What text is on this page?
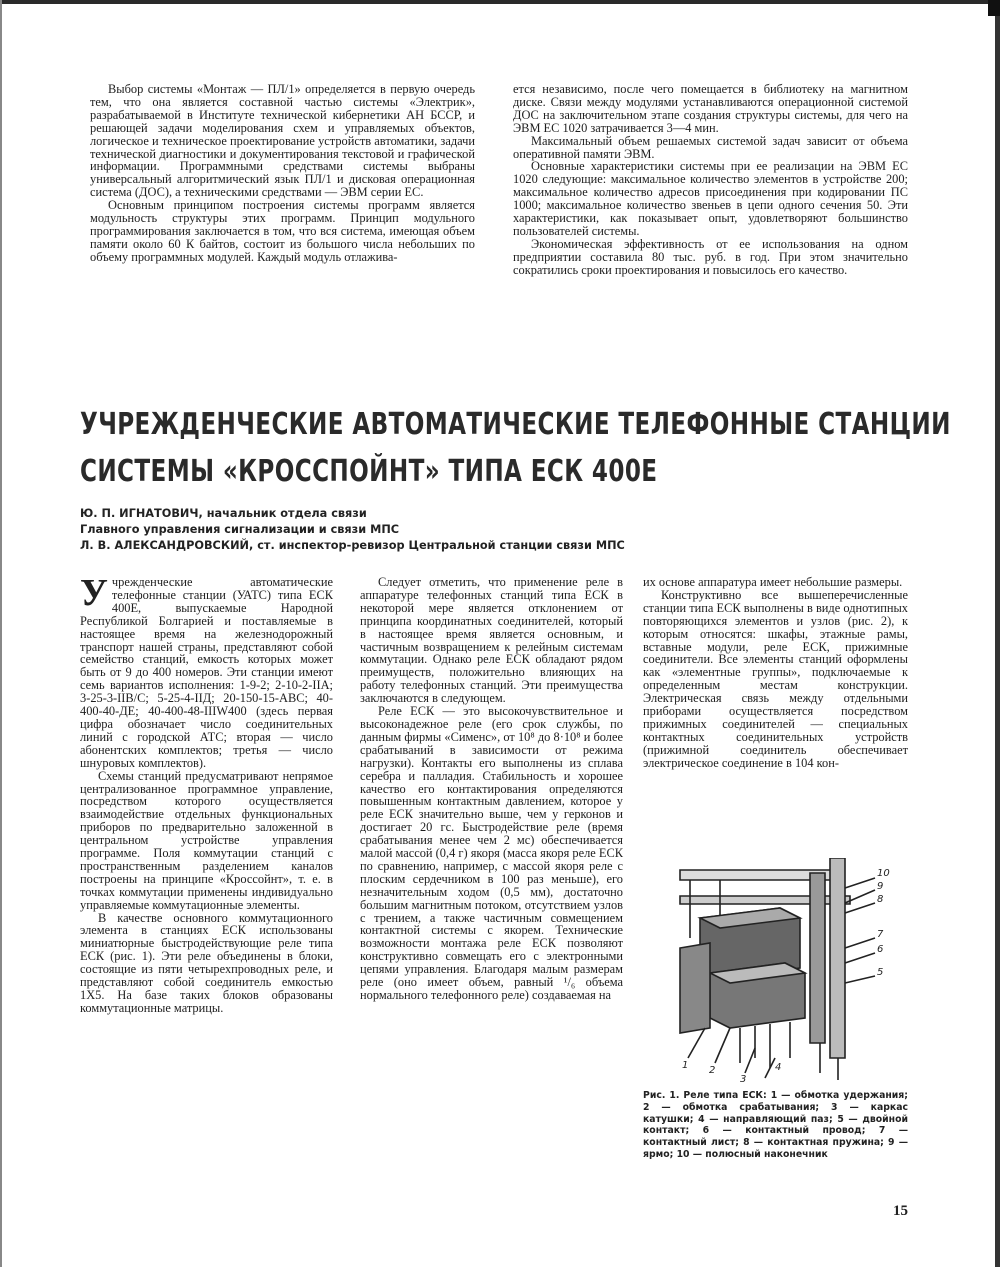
Выбор системы «Монтаж — ПЛ/1» определяется в первую очередь тем, что она является составной частью системы «Электрик», разрабатываемой в Институте технической кибернетики АН БССР, и решающей задачи моделирования схем и управляемых объектов, логическое и техническое проектирование устройств автоматики, задачи технической диагностики и документирования текстовой и графической информации. Программными средствами системы выбраны универсальный алгоритмический язык ПЛ/1 и дисковая операционная система (ДОС), а техническими средствами — ЭВМ серии ЕС.

Основным принципом построения системы программ является модульность структуры этих программ. Принцип модульного программирования заключается в том, что вся система, имеющая объем памяти около 60 К байтов, состоит из большого числа небольших по объему программных модулей. Каждый модуль отлажива-

ется независимо, после чего помещается в библиотеку на магнитном диске. Связи между модулями устанавливаются операционной системой ДОС на заключительном этапе создания структуры системы, для чего на ЭВМ ЕС 1020 затрачивается 3—4 мин.

Максимальный объем решаемых системой задач зависит от объема оперативной памяти ЭВМ.

Основные характеристики системы при ее реализации на ЭВМ ЕС 1020 следующие: максимальное количество элементов в устройстве 200; максимальное количество адресов присоединения при кодировании ПС 1000; максимальное количество звеньев в цепи одного сечения 50. Эти характеристики, как показывает опыт, удовлетворяют большинство пользователей системы.

Экономическая эффективность от ее использования на одном предприятии составила 80 тыс. руб. в год. При этом значительно сократились сроки проектирования и повысилось его качество.

УЧРЕЖДЕНЧЕСКИЕ АВТОМАТИЧЕСКИЕ ТЕЛЕФОННЫЕ СТАНЦИИ
СИСТЕМЫ «КРОССПОЙНТ» ТИПА ЕСК 400Е
Ю. П. ИГНАТОВИЧ, начальник отдела связи
Главного управления сигнализации и связи МПС
Л. В. АЛЕКСАНДРОВСКИЙ, ст. инспектор-ревизор Центральной станции связи МПС

Учрежденческие автоматические телефонные станции (УАТС) типа ЕСК 400Е, выпускаемые Народной Республикой Болгарией и поставляемые в настоящее время на железнодорожный транспорт нашей страны, представляют собой семейство станций, емкость которых может быть от 9 до 400 номеров. Эти станции имеют семь вариантов исполнения: 1-9-2; 2-10-2-IIА; 3-25-3-IIВ/С; 5-25-4-IIД; 20-150-15-АВС; 40-400-40-ДЕ; 40-400-48-IIIW400 (здесь первая цифра обозначает число соединительных линий с городской АТС; вторая — число абонентских комплектов; третья — число шнуровых комплектов).

Схемы станций предусматривают непрямое централизованное программное управление, посредством которого осуществляется взаимодействие отдельных функциональных приборов по предварительно заложенной в центральном устройстве управления программе. Поля коммутации станций с пространственным разделением каналов построены на принципе «Кроссойнт», т. е. в точках коммутации применены индивидуально управляемые коммутационные элементы.

В качестве основного коммутационного элемента в станциях ЕСК использованы миниатюрные быстродействующие реле типа ЕСК (рис. 1). Эти реле объединены в блоки, состоящие из пяти четырехпроводных реле, и представляют собой соединитель емкостью 1Х5. На базе таких блоков образованы коммутационные матрицы.

Следует отметить, что применение реле в аппаратуре телефонных станций типа ЕСК в некоторой мере является отклонением от принципа координатных соединителей, который в настоящее время является основным, и частичным возвращением к релейным системам коммутации. Однако реле ЕСК обладают рядом преимуществ, положительно влияющих на работу телефонных станций. Эти преимущества заключаются в следующем.

Реле ЕСК — это высокочувствительное и высоконадежное реле (его срок службы, по данным фирмы «Сименс», от 10⁸ до 8·10⁸ и более срабатываний в зависимости от режима нагрузки). Контакты его выполнены из сплава серебра и палладия. Стабильность и хорошее качество его контактирования определяются повышенным контактным давлением, которое у реле ЕСК значительно выше, чем у герконов и достигает 20 гс. Быстродействие реле (время срабатывания менее чем 2 мс) обеспечивается малой массой (0,4 г) якоря (масса якоря реле ЕСК по сравнению, например, с массой якоря реле с плоским сердечником в 100 раз меньше), его незначительным ходом (0,5 мм), достаточно большим магнитным потоком, отсутствием узлов с трением, а также частичным совмещением контактной системы с якорем. Технические возможности монтажа реле ЕСК позволяют конструктивно совмещать его с электронными цепями управления. Благодаря малым размерам реле (оно имеет объем, равный ¹/₆ объема нормального телефонного реле) создаваемая на

их основе аппаратура имеет небольшие размеры.

Конструктивно все вышеперечисленные станции типа ЕСК выполнены в виде однотипных повторяющихся элементов и узлов (рис. 2), к которым относятся: шкафы, этажные рамы, вставные модули, реле ЕСК, прижимные соединители. Все элементы станций оформлены как «элементные группы», подключаемые к определенным местам конструкции. Электрическая связь между отдельными приборами осуществляется посредством прижимных соединителей — специальных контактных соединительных устройств (прижимной соединитель обеспечивает электрическое соединение в 104 кон-

10
9
8
7
6
5
1 2
3
4
Рис. 1. Реле типа ЕСК: 1 — обмотка удержания; 2 — обмотка срабатывания; 3 — каркас катушки; 4 — направляющий паз; 5 — двойной контакт; 6 — контактный провод; 7 — контактный лист; 8 — контактная пружина; 9 — ярмо; 10 — полюсный наконечник
15
